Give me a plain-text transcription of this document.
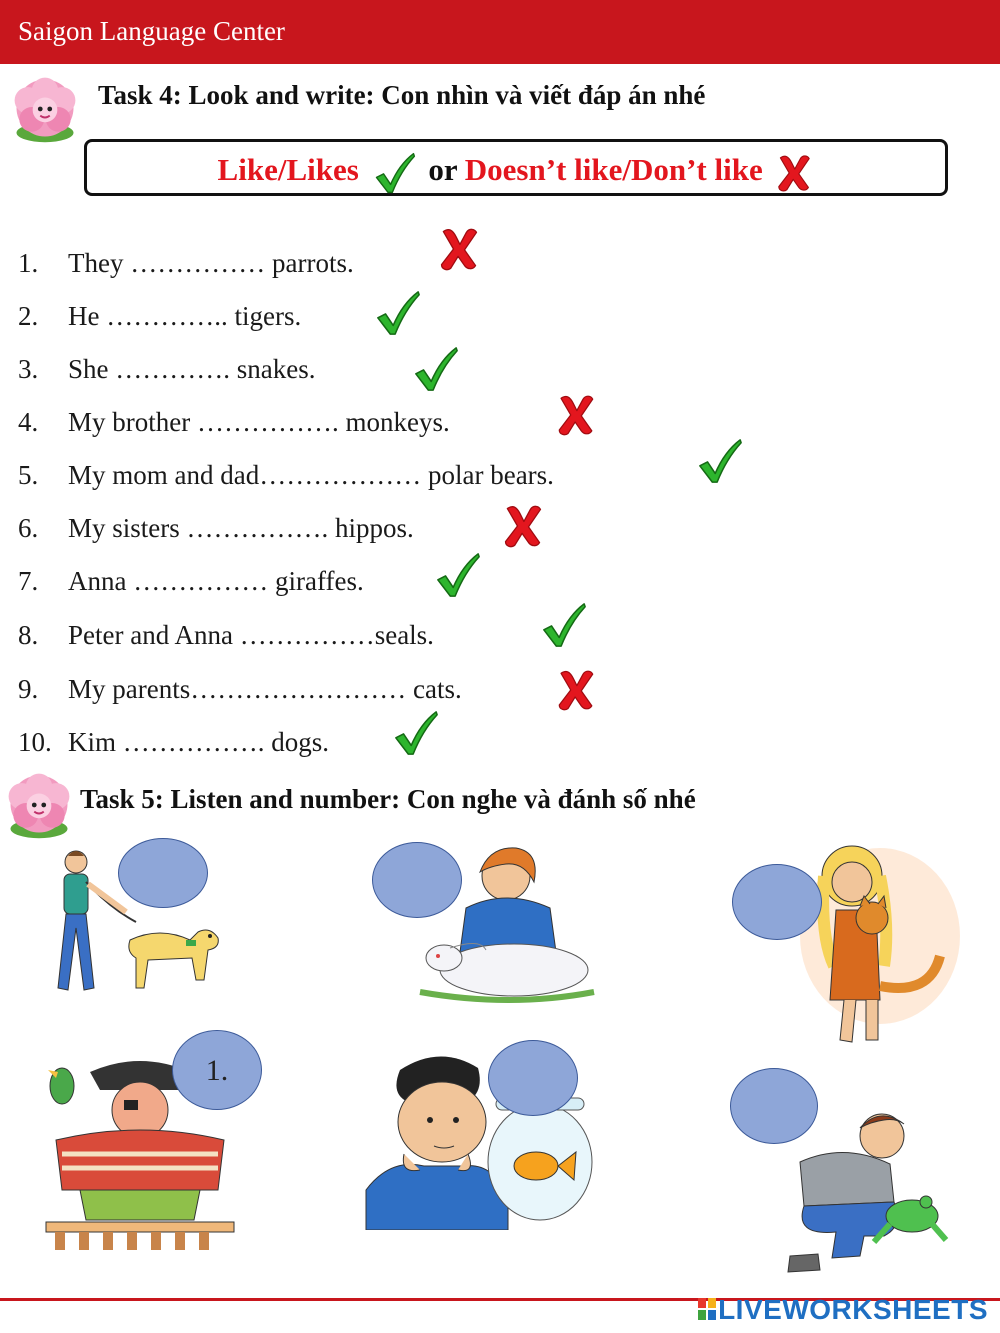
Saigon Language Center
Task 4: Look and write: Con nhìn và viết đáp án nhé
Like/Likes or Doesn’t like/Don’t like
1. They …………… parrots.
2. He ………….. tigers.
3. She …………. snakes.
4. My brother ……………. monkeys.
5. My mom and dad……………… polar bears.
6. My sisters ……………. hippos.
7. Anna …………… giraffes.
8. Peter and Anna ……………seals.
9. My parents…………………… cats.
10. Kim ……………. dogs.
Task 5: Listen and number: Con nghe và đánh số nhé
1.
LIVEWORKSHEETS
